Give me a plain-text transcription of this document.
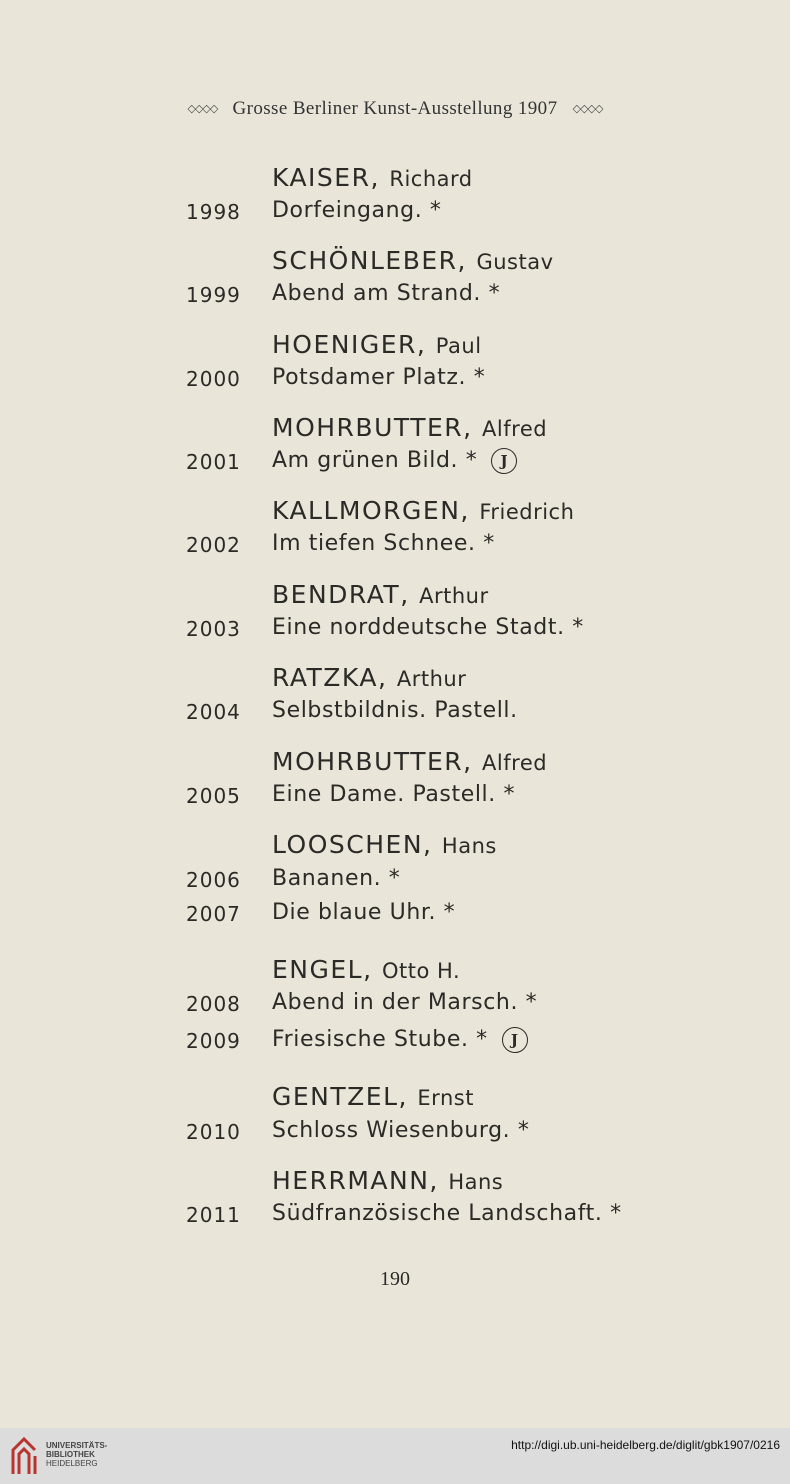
◇◇◇◇ Grosse Berliner Kunst-Ausstellung 1907 ◇◇◇◇
KAISER, Richard
1998	Dorfeingang. *
SCHÖNLEBER, Gustav
1999	Abend am Strand. *
HOENIGER, Paul
2000	Potsdamer Platz. *
MOHRBUTTER, Alfred
2001	Am grünen Bild. * J
KALLMORGEN, Friedrich
2002	Im tiefen Schnee. *
BENDRAT, Arthur
2003	Eine norddeutsche Stadt. *
RATZKA, Arthur
2004	Selbstbildnis. Pastell.
MOHRBUTTER, Alfred
2005	Eine Dame. Pastell. *
LOOSCHEN, Hans
2006	Bananen. *
2007	Die blaue Uhr. *
ENGEL, Otto H.
2008	Abend in der Marsch. *
2009	Friesische Stube. * J
GENTZEL, Ernst
2010	Schloss Wiesenburg. *
HERRMANN, Hans
2011	Südfranzösische Landschaft. *
190
UNIVERSITÄTS-
BIBLIOTHEK
HEIDELBERG
http://digi.ub.uni-heidelberg.de/diglit/gbk1907/0216
